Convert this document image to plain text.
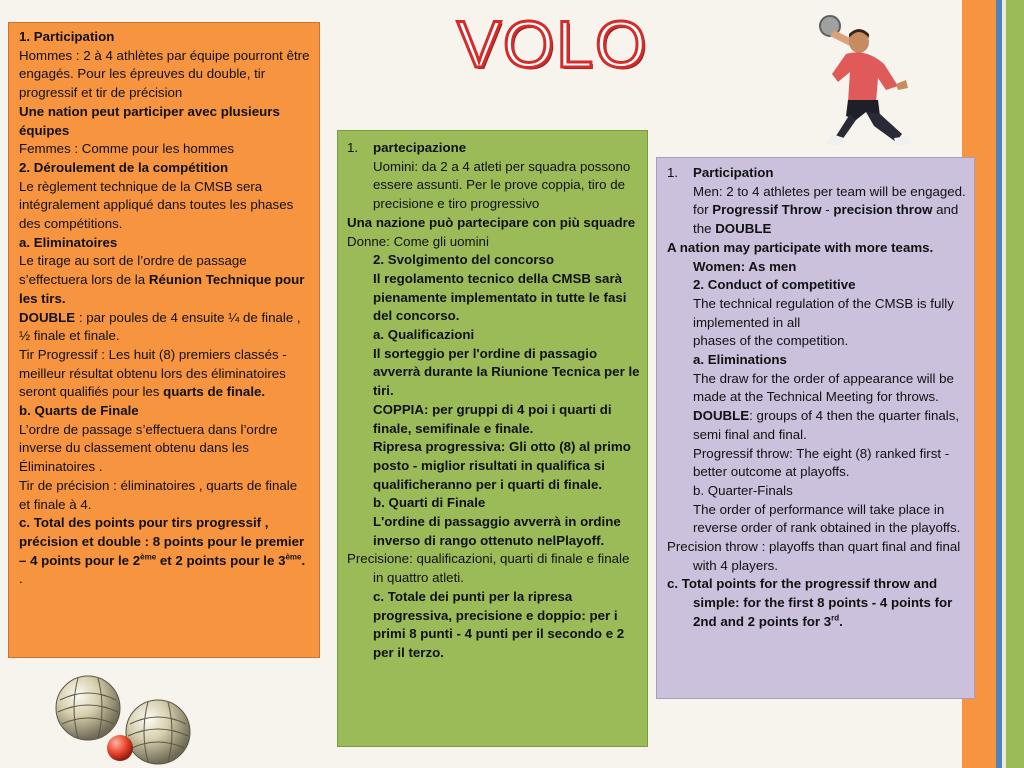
VOLO

1. Participation

Hommes : 2 à 4 athlètes par équipe pourront être engagés. Pour les épreuves du double, tir progressif et tir de précision

Une nation peut participer avec plusieurs équipes

Femmes : Comme pour les hommes

2. Déroulement de la compétition

Le règlement technique de la CMSB sera intégralement appliqué dans toutes les phases des compétitions.

a. Eliminatoires

Le tirage au sort de l’ordre de passage s’effectuera lors de la Réunion Technique pour les tirs.

DOUBLE : par poules de 4 ensuite ¼ de finale , ½ finale et finale.

Tir Progressif : Les huit (8) premiers classés - meilleur résultat obtenu lors des éliminatoires seront qualifiés pour les quarts de finale.

b. Quarts de Finale

L’ordre de passage s’effectuera dans l’ordre inverse du classement obtenu dans les

Éliminatoires .

Tir de précision : éliminatoires , quarts de finale et finale à 4.

c. Total des points pour tirs progressif , précision et double : 8 points pour le premier – 4 points pour le 2ème et 2 points pour le 3ème.

.

1. partecipazione

Uomini: da 2 a 4 atleti per squadra possono essere assunti. Per le prove coppia, tiro de precisione e tiro progressivo

Una nazione può partecipare con più squadre

Donne: Come gli uomini

2. Svolgimento del concorso

Il regolamento tecnico della CMSB sarà pienamente implementato in tutte le fasi del concorso.

a. Qualificazioni

Il sorteggio per l'ordine di passagio avverrà durante la Riunione Tecnica per le tiri.

COPPIA: per gruppi di 4 poi i quarti di finale, semifinale e finale.

Ripresa progressiva: Gli otto (8) al primo posto - miglior risultati in qualifica si qualificheranno per i quarti di finale.

b. Quarti di Finale

L'ordine di passaggio avverrà in ordine inverso di rango ottenuto nelPlayoff.

Precisione: qualificazioni, quarti di finale e finale in quattro atleti.

c. Totale dei punti per la ripresa progressiva, precisione e doppio: per i primi 8 punti - 4 punti per il secondo e 2 per il terzo.

1. Participation

Men: 2 to 4 athletes per team will be engaged. for Progressif Throw - precision throw and the DOUBLE

A nation may participate with more teams.

Women: As men

2. Conduct of competitive

The technical regulation of the CMSB is fully implemented in all

phases of the competition.

a. Eliminations

The draw for the order of appearance will be made at the Technical Meeting for throws.

DOUBLE: groups of 4 then the quarter finals, semi final and final.

Progressif throw: The eight (8) ranked first - better outcome at playoffs.

b. Quarter-Finals

The order of performance will take place in reverse order of rank obtained in the playoffs.

Precision throw : playoffs than quart final and final with 4 players.

c. Total points for the progressif throw and simple: for the first 8 points - 4 points for 2nd and 2 points for 3rd.
